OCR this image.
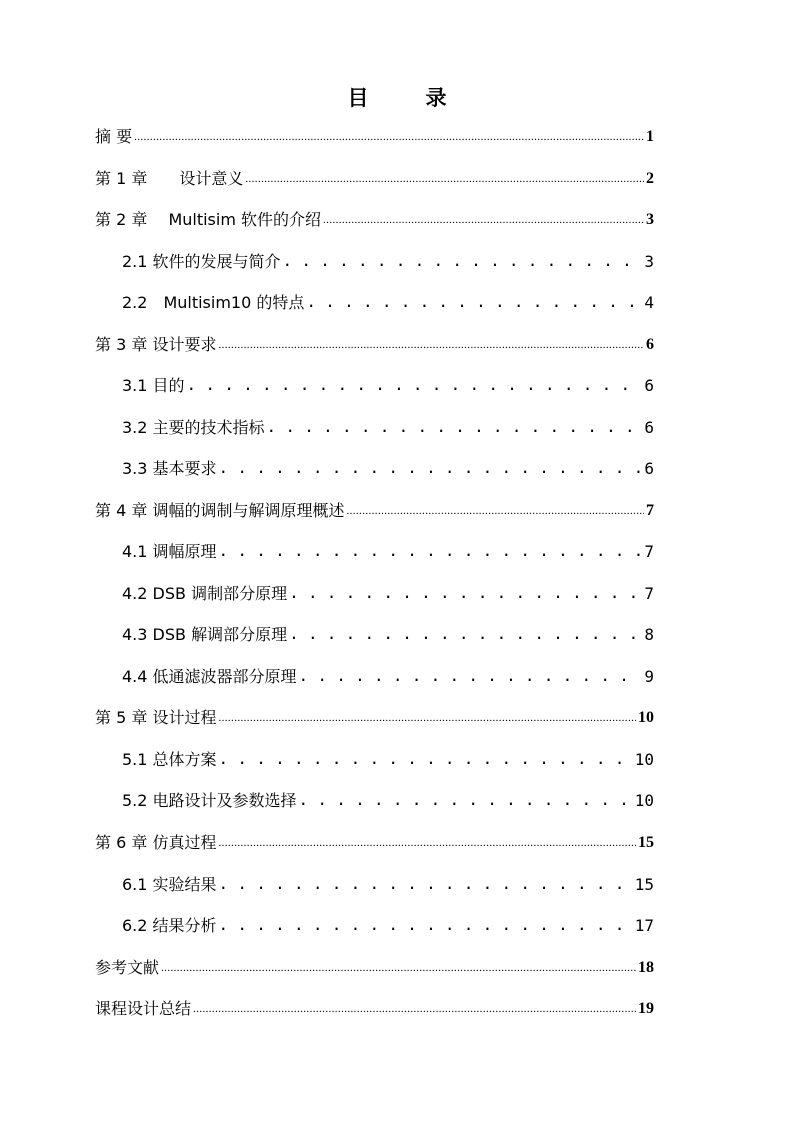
目　录
摘 要 .....	1
第 1 章　　设计意义 .....	2
第 2 章　 Multisim 软件的介绍 .....	3
2.1 软件的发展与简介 . . .	3
2.2　Multisim10 的特点 . . .	4
第 3 章 设计要求 .....	6
3.1 目的 . . .	6
3.2 主要的技术指标 . . .	6
3.3 基本要求 . . .	6
第 4 章 调幅的调制与解调原理概述 .....	7
4.1 调幅原理 . . .	7
4.2 DSB 调制部分原理 . . .	7
4.3 DSB 解调部分原理 . . .	8
4.4 低通滤波器部分原理 . . .	9
第 5 章 设计过程 .....	10
5.1 总体方案 . . .	10
5.2 电路设计及参数选择 . . .	10
第 6 章 仿真过程 .....	15
6.1 实验结果 . . .	15
6.2 结果分析 . . .	17
参考文献 .....	18
课程设计总结 .....	19
